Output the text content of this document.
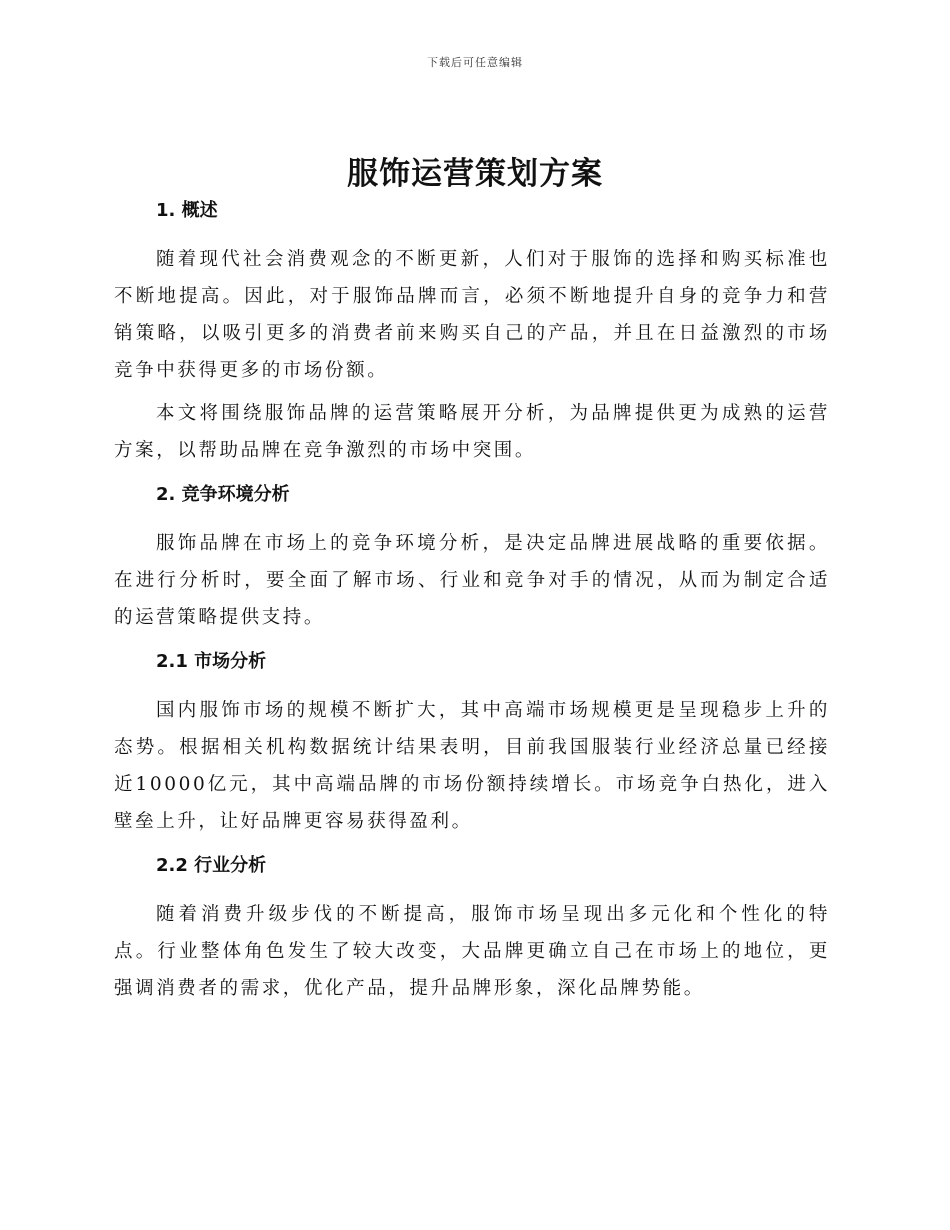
下载后可任意编辑
服饰运营策划方案
1. 概述

随着现代社会消费观念的不断更新，人们对于服饰的选择和购买标准也不断地提高。因此，对于服饰品牌而言，必须不断地提升自身的竞争力和营销策略，以吸引更多的消费者前来购买自己的产品，并且在日益激烈的市场竞争中获得更多的市场份额。

本文将围绕服饰品牌的运营策略展开分析，为品牌提供更为成熟的运营方案，以帮助品牌在竞争激烈的市场中突围。

2. 竞争环境分析

服饰品牌在市场上的竞争环境分析，是决定品牌进展战略的重要依据。在进行分析时，要全面了解市场、行业和竞争对手的情况，从而为制定合适的运营策略提供支持。

2.1 市场分析

国内服饰市场的规模不断扩大，其中高端市场规模更是呈现稳步上升的态势。根据相关机构数据统计结果表明，目前我国服装行业经济总量已经接近10000亿元，其中高端品牌的市场份额持续增长。市场竞争白热化，进入壁垒上升，让好品牌更容易获得盈利。

2.2 行业分析

随着消费升级步伐的不断提高，服饰市场呈现出多元化和个性化的特点。行业整体角色发生了较大改变，大品牌更确立自己在市场上的地位，更强调消费者的需求，优化产品，提升品牌形象，深化品牌势能。
